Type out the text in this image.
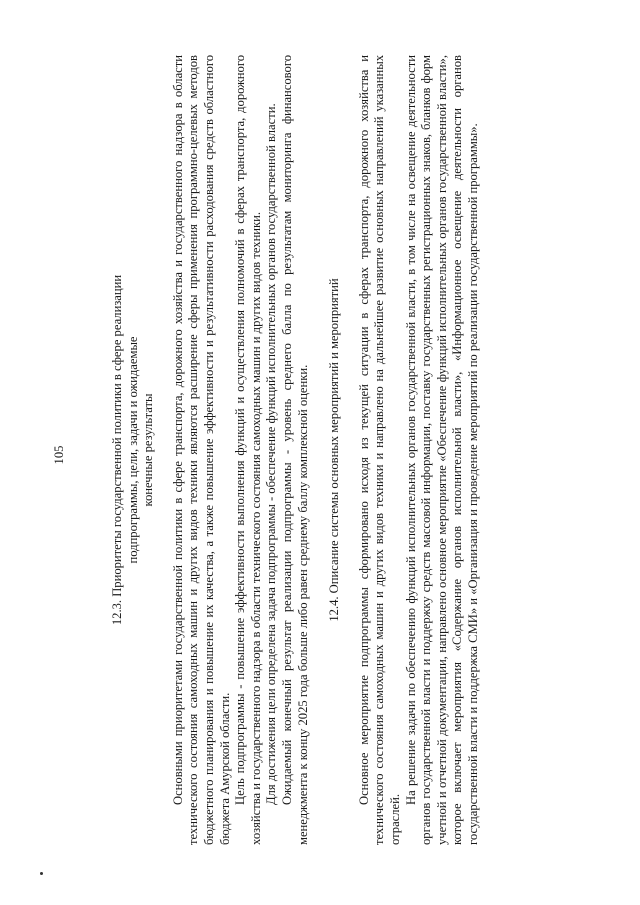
105	12.3. Приоритеты государственной политики в сфере реализации подпрограммы, цели, задачи и ожидаемые конечные результаты Основными приоритетами государственной политики в сфере транспорта, дорожного хозяйства и государственного надзора в области технического состояния самоходных машин и других видов техники являются расширение сферы применения программно-целевых методов бюджетного планирования и повышение их качества, а также повышение эффективности и результативности расходования средств областного бюджета Амурской области. Цель подпрограммы - повышение эффективности выполнения функций и осуществления полномочий в сферах транспорта, дорожного хозяйства и государственного надзора в области технического состояния самоходных машин и других видов техники. Для достижения цели определена задача подпрограммы - обеспечение функций исполнительных органов государственной власти. Ожидаемый конечный результат реализации подпрограммы - уровень среднего балла по результатам мониторинга финансового менеджмента к концу 2025 года больше либо равен среднему баллу комплексной оценки. 12.4. Описание системы основных мероприятий и мероприятий Основное мероприятие подпрограммы сформировано исходя из текущей ситуации в сферах транспорта, дорожного хозяйства и технического состояния самоходных машин и других видов техники и направлено на дальнейшее развитие основных направлений указанных отраслей.

На решение задачи по обеспечению функций исполнительных органов государственной власти, в том числе на освещение деятельности органов государственной власти и поддержку средств массовой информации, поставку государственных регистрационных знаков, бланков форм учетной и отчетной документации, направлено основное мероприятие «Обеспечение функций исполнительных органов государственной власти», которое включает мероприятия «Содержание органов исполнительной власти», «Информационное освещение деятельности органов государственной власти и поддержка СМИ» и «Организация и проведение мероприятий по реализации государственной программы».
